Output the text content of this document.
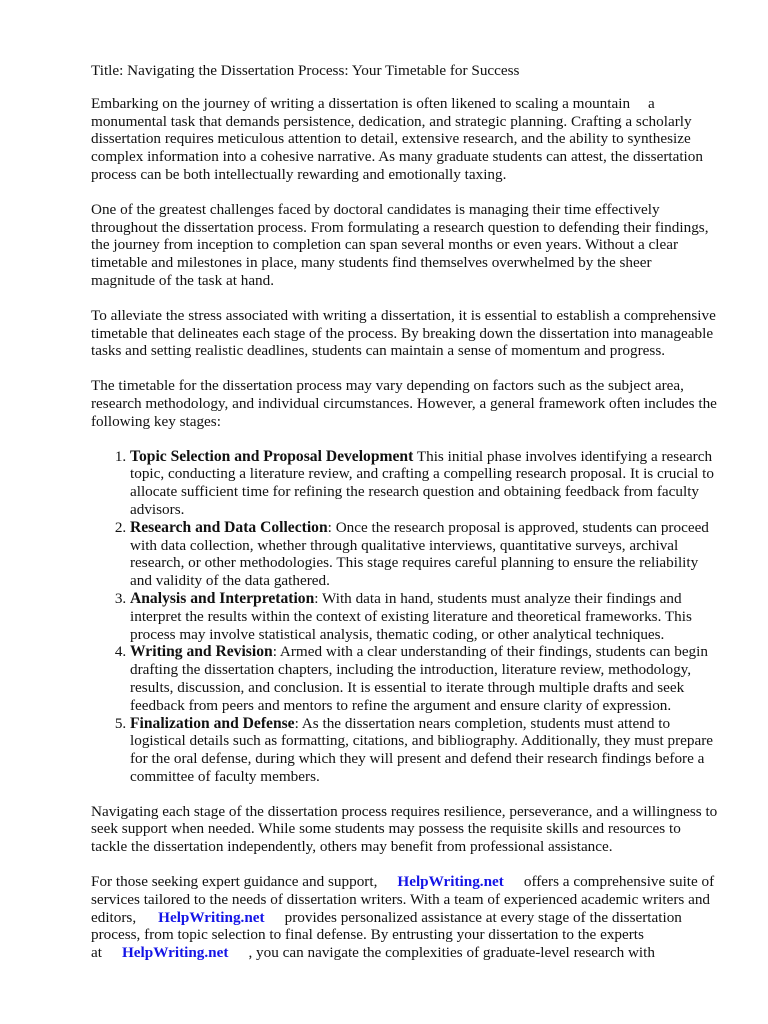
Title: Navigating the Dissertation Process: Your Timetable for Success

Embarking on the journey of writing a dissertation is often likened to scaling a mountain a monumental task that demands persistence, dedication, and strategic planning. Crafting a scholarly dissertation requires meticulous attention to detail, extensive research, and the ability to synthesize complex information into a cohesive narrative. As many graduate students can attest, the dissertation process can be both intellectually rewarding and emotionally taxing.

One of the greatest challenges faced by doctoral candidates is managing their time effectively throughout the dissertation process. From formulating a research question to defending their findings, the journey from inception to completion can span several months or even years. Without a clear timetable and milestones in place, many students find themselves overwhelmed by the sheer magnitude of the task at hand.

To alleviate the stress associated with writing a dissertation, it is essential to establish a comprehensive timetable that delineates each stage of the process. By breaking down the dissertation into manageable tasks and setting realistic deadlines, students can maintain a sense of momentum and progress.

The timetable for the dissertation process may vary depending on factors such as the subject area, research methodology, and individual circumstances. However, a general framework often includes the following key stages:

1. Topic Selection and Proposal Development This initial phase involves identifying a research topic, conducting a literature review, and crafting a compelling research proposal. It is crucial to allocate sufficient time for refining the research question and obtaining feedback from faculty advisors.
2. Research and Data Collection: Once the research proposal is approved, students can proceed with data collection, whether through qualitative interviews, quantitative surveys, archival research, or other methodologies. This stage requires careful planning to ensure the reliability and validity of the data gathered.
3. Analysis and Interpretation: With data in hand, students must analyze their findings and interpret the results within the context of existing literature and theoretical frameworks. This process may involve statistical analysis, thematic coding, or other analytical techniques.
4. Writing and Revision: Armed with a clear understanding of their findings, students can begin drafting the dissertation chapters, including the introduction, literature review, methodology, results, discussion, and conclusion. It is essential to iterate through multiple drafts and seek feedback from peers and mentors to refine the argument and ensure clarity of expression.
5. Finalization and Defense: As the dissertation nears completion, students must attend to logistical details such as formatting, citations, and bibliography. Additionally, they must prepare for the oral defense, during which they will present and defend their research findings before a committee of faculty members.

Navigating each stage of the dissertation process requires resilience, perseverance, and a willingness to seek support when needed. While some students may possess the requisite skills and resources to tackle the dissertation independently, others may benefit from professional assistance.

For those seeking expert guidance and support, HelpWriting.net offers a comprehensive suite of services tailored to the needs of dissertation writers. With a team of experienced academic writers and editors, HelpWriting.net provides personalized assistance at every stage of the dissertation process, from topic selection to final defense. By entrusting your dissertation to the experts at HelpWriting.net , you can navigate the complexities of graduate-level research with
